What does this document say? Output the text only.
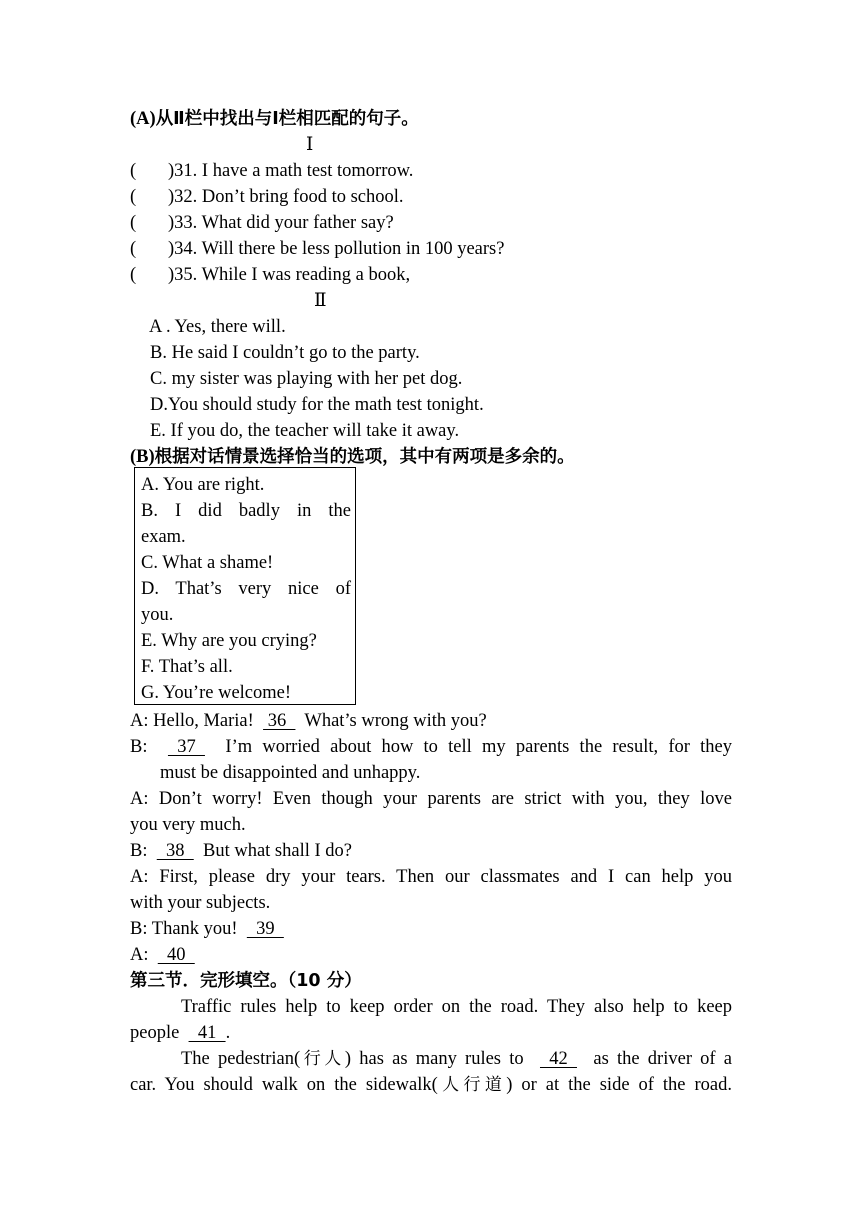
(A)从Ⅱ栏中找出与Ⅰ栏相匹配的句子。
Ⅰ
( )31. I have a math test tomorrow.
( )32. Don’t bring food to school.
( )33. What did your father say?
( )34. Will there be less pollution in 100 years?
( )35. While I was reading a book,
Ⅱ
A . Yes, there will.
B. He said I couldn’t go to the party.
C. my sister was playing with her pet dog.
D.You should study for the math test tonight.
E. If you do, the teacher will take it away.
(B)根据对话情景选择恰当的选项，其中有两项是多余的。
A. You are right.
B. I did badly in the
exam.
C. What a shame!
D. That’s very nice of
you.
E. Why are you crying?
F. That’s all.
G. You’re welcome!
A: Hello, Maria!   36    What’s wrong with you?
B:    37    I’m worried about how to tell my parents the result, for they
must be disappointed and unhappy.
A: Don’t worry! Even though your parents are strict with you, they love
you very much.
B:    38    But what shall I do?
A: First, please dry your tears. Then our classmates and I can help you
with your subjects.
B: Thank you!    39
A:    40
第三节．完形填空。（10 分）
Traffic rules help to keep order on the road. They also help to keep
people    41  .
The pedestrian(行人) has as many rules to    42    as the driver of a
car. You should walk on the sidewalk(人行道) or at the side of the road.
